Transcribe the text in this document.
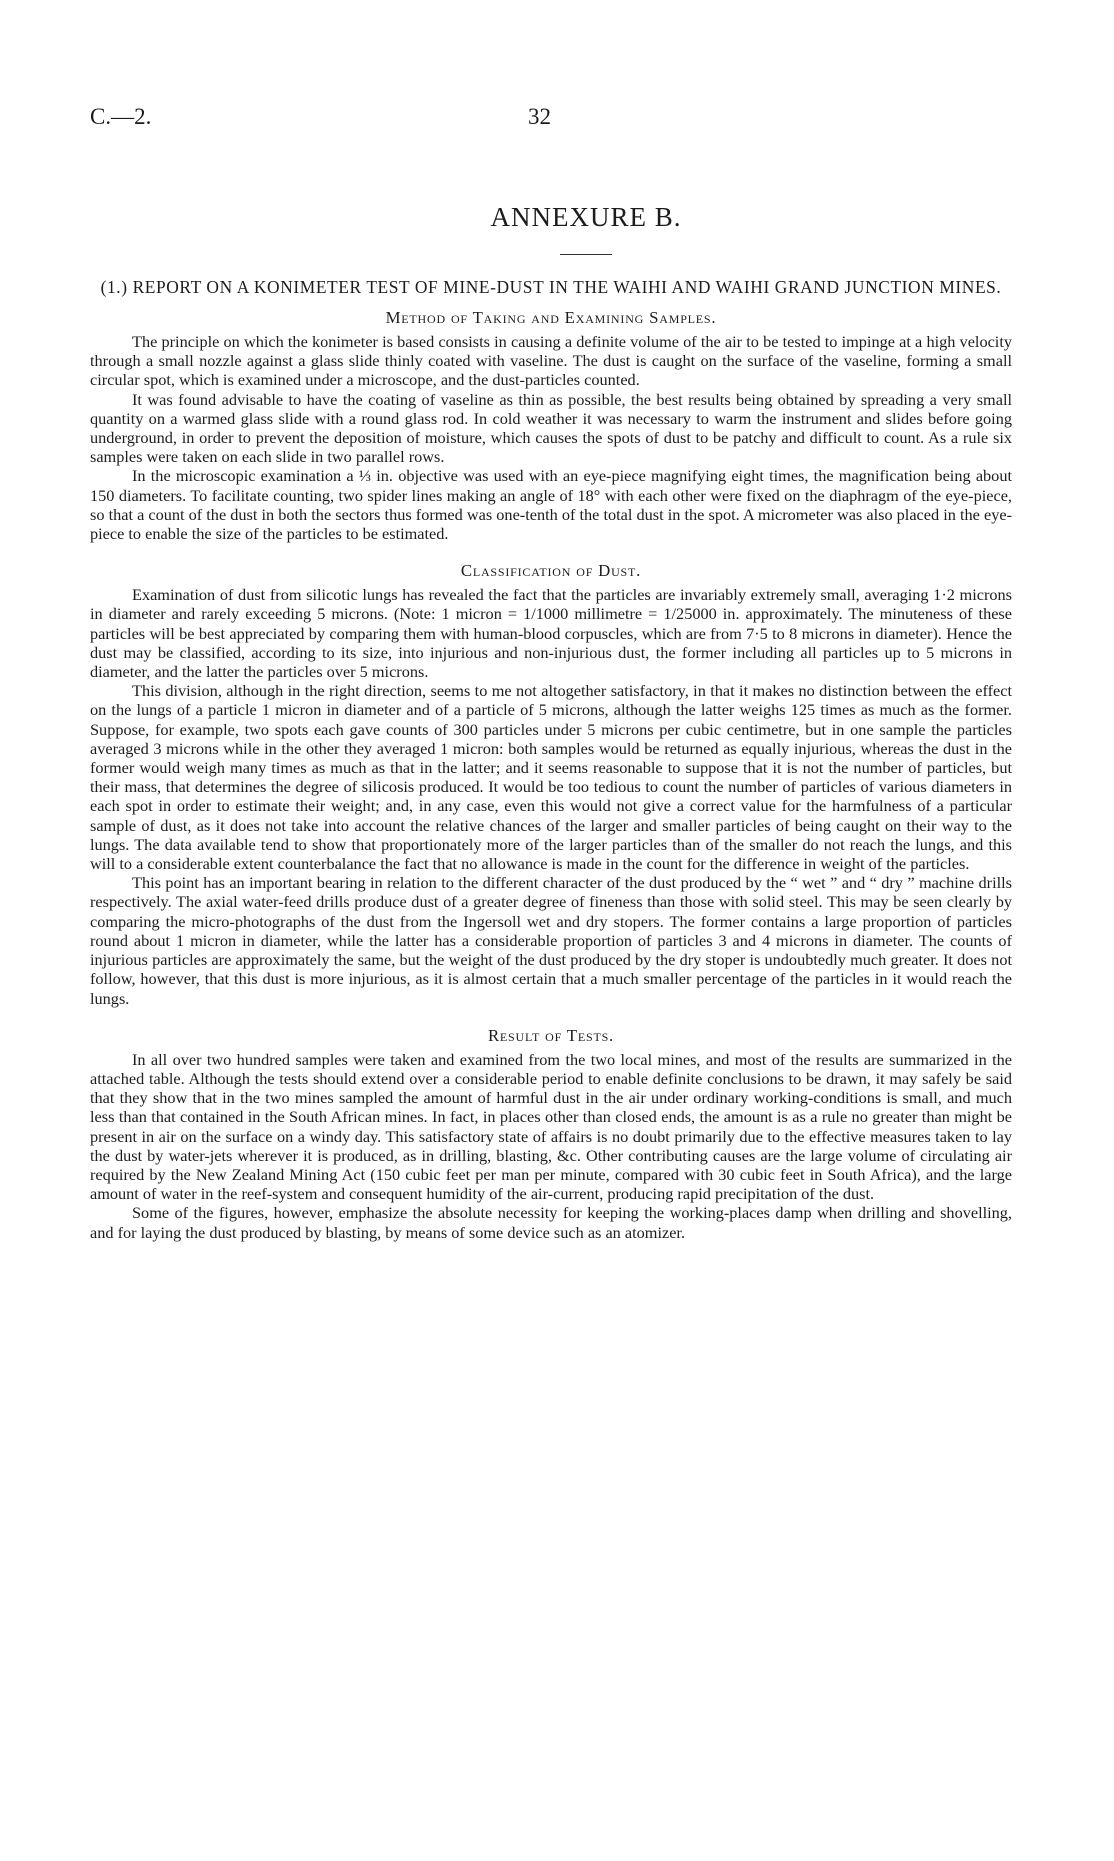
C.—2.	32
ANNEXURE B.
(1.) REPORT ON A KONIMETER TEST OF MINE-DUST IN THE WAIHI AND WAIHI GRAND JUNCTION MINES.
Method of Taking and Examining Samples.

The principle on which the konimeter is based consists in causing a definite volume of the air to be tested to impinge at a high velocity through a small nozzle against a glass slide thinly coated with vaseline. The dust is caught on the surface of the vaseline, forming a small circular spot, which is examined under a microscope, and the dust-particles counted.

It was found advisable to have the coating of vaseline as thin as possible, the best results being obtained by spreading a very small quantity on a warmed glass slide with a round glass rod. In cold weather it was necessary to warm the instrument and slides before going underground, in order to prevent the deposition of moisture, which causes the spots of dust to be patchy and difficult to count. As a rule six samples were taken on each slide in two parallel rows.

In the microscopic examination a ⅓ in. objective was used with an eye-piece magnifying eight times, the magnification being about 150 diameters. To facilitate counting, two spider lines making an angle of 18° with each other were fixed on the diaphragm of the eye-piece, so that a count of the dust in both the sectors thus formed was one-tenth of the total dust in the spot. A micrometer was also placed in the eye-piece to enable the size of the particles to be estimated.

Classification of Dust.

Examination of dust from silicotic lungs has revealed the fact that the particles are invariably extremely small, averaging 1·2 microns in diameter and rarely exceeding 5 microns. (Note: 1 micron = 1/1000 millimetre = 1/25000 in. approximately. The minuteness of these particles will be best appreciated by comparing them with human-blood corpuscles, which are from 7·5 to 8 microns in diameter). Hence the dust may be classified, according to its size, into injurious and non-injurious dust, the former including all particles up to 5 microns in diameter, and the latter the particles over 5 microns.

This division, although in the right direction, seems to me not altogether satisfactory, in that it makes no distinction between the effect on the lungs of a particle 1 micron in diameter and of a particle of 5 microns, although the latter weighs 125 times as much as the former. Suppose, for example, two spots each gave counts of 300 particles under 5 microns per cubic centimetre, but in one sample the particles averaged 3 microns while in the other they averaged 1 micron: both samples would be returned as equally injurious, whereas the dust in the former would weigh many times as much as that in the latter; and it seems reasonable to suppose that it is not the number of particles, but their mass, that determines the degree of silicosis produced. It would be too tedious to count the number of particles of various diameters in each spot in order to estimate their weight; and, in any case, even this would not give a correct value for the harmfulness of a particular sample of dust, as it does not take into account the relative chances of the larger and smaller particles of being caught on their way to the lungs. The data available tend to show that proportionately more of the larger particles than of the smaller do not reach the lungs, and this will to a considerable extent counterbalance the fact that no allowance is made in the count for the difference in weight of the particles.

This point has an important bearing in relation to the different character of the dust produced by the “ wet ” and “ dry ” machine drills respectively. The axial water-feed drills produce dust of a greater degree of fineness than those with solid steel. This may be seen clearly by comparing the micro-photographs of the dust from the Ingersoll wet and dry stopers. The former contains a large proportion of particles round about 1 micron in diameter, while the latter has a considerable proportion of particles 3 and 4 microns in diameter. The counts of injurious particles are approximately the same, but the weight of the dust produced by the dry stoper is undoubtedly much greater. It does not follow, however, that this dust is more injurious, as it is almost certain that a much smaller percentage of the particles in it would reach the lungs.

Result of Tests.

In all over two hundred samples were taken and examined from the two local mines, and most of the results are summarized in the attached table. Although the tests should extend over a considerable period to enable definite conclusions to be drawn, it may safely be said that they show that in the two mines sampled the amount of harmful dust in the air under ordinary working-conditions is small, and much less than that contained in the South African mines. In fact, in places other than closed ends, the amount is as a rule no greater than might be present in air on the surface on a windy day. This satisfactory state of affairs is no doubt primarily due to the effective measures taken to lay the dust by water-jets wherever it is produced, as in drilling, blasting, &c. Other contributing causes are the large volume of circulating air required by the New Zealand Mining Act (150 cubic feet per man per minute, compared with 30 cubic feet in South Africa), and the large amount of water in the reef-system and consequent humidity of the air-current, producing rapid precipitation of the dust.

Some of the figures, however, emphasize the absolute necessity for keeping the working-places damp when drilling and shovelling, and for laying the dust produced by blasting, by means of some device such as an atomizer.
